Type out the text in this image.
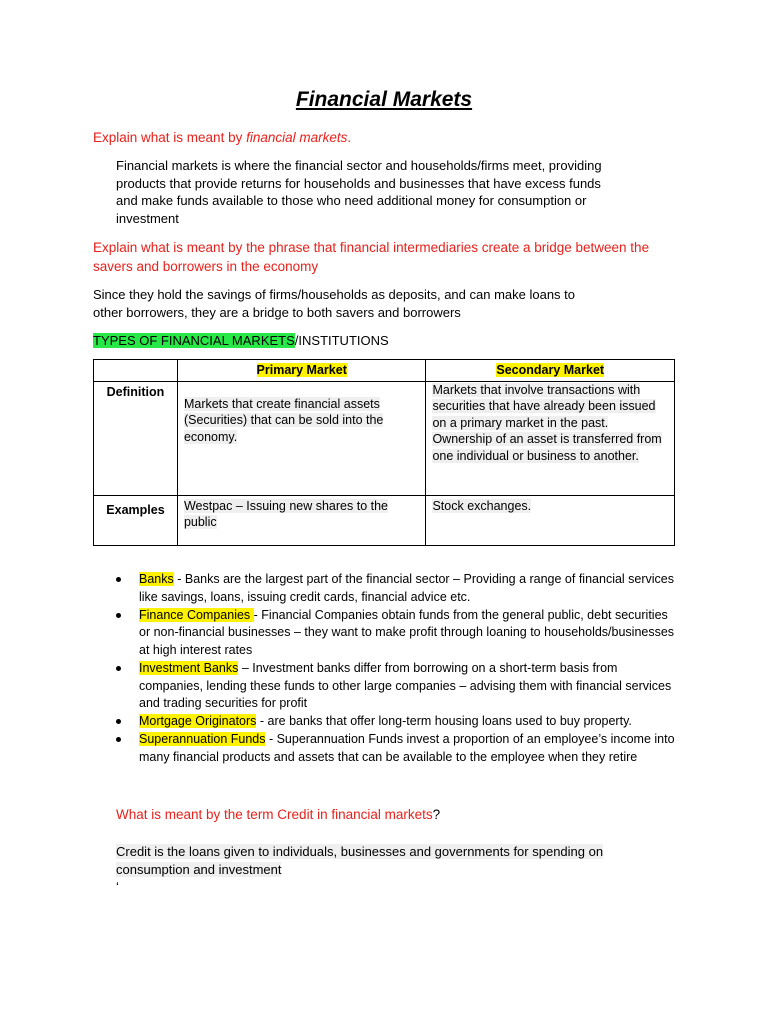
Financial Markets
Explain what is meant by financial markets.
Financial markets is where the financial sector and households/firms meet, providing products that provide returns for households and businesses that have excess funds and make funds available to those who need additional money for consumption or investment
Explain what is meant by the phrase that financial intermediaries create a bridge between the savers and borrowers in the economy
Since they hold the savings of firms/households as deposits, and can make loans to other borrowers, they are a bridge to both savers and borrowers
TYPES OF FINANCIAL MARKETS/INSTITUTIONS
	Primary Market	Secondary Market
Definition	Markets that create financial assets (Securities) that can be sold into the economy.	Markets that involve transactions with securities that have already been issued on a primary market in the past. Ownership of an asset is transferred from one individual or business to another.
Examples	Westpac – Issuing new shares to the public	Stock exchanges.
Banks - Banks are the largest part of the financial sector – Providing a range of financial services like savings, loans, issuing credit cards, financial advice etc.
Finance Companies - Financial Companies obtain funds from the general public, debt securities or non-financial businesses – they want to make profit through loaning to households/businesses at high interest rates
Investment Banks – Investment banks differ from borrowing on a short-term basis from companies, lending these funds to other large companies – advising them with financial services and trading securities for profit
Mortgage Originators - are banks that offer long-term housing loans used to buy property.
Superannuation Funds - Superannuation Funds invest a proportion of an employee’s income into many financial products and assets that can be available to the employee when they retire
What is meant by the term Credit in financial markets?
Credit is the loans given to individuals, businesses and governments for spending on consumption and investment
‘
